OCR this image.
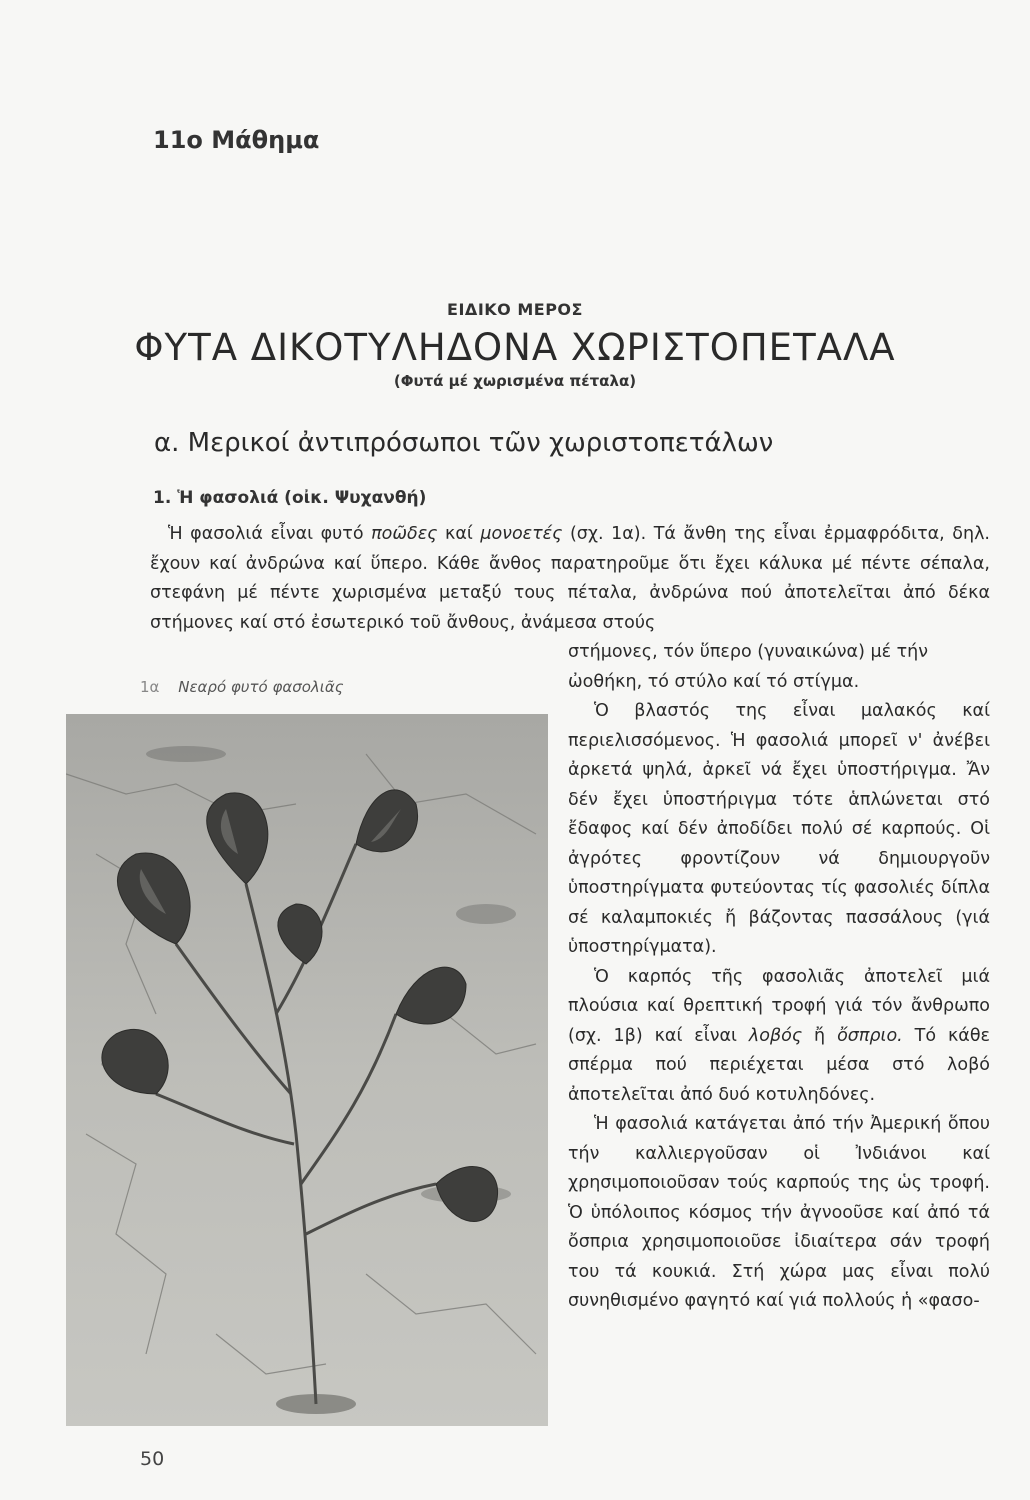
11ο Μάθημα
ΕΙΔΙΚΟ ΜΕΡΟΣ
ΦΥΤΑ ΔΙΚΟΤΥΛΗΔΟΝΑ ΧΩΡΙΣΤΟΠΕΤΑΛΑ
(Φυτά μέ χωρισμένα πέταλα)
α. Μερικοί ἀντιπρόσωποι τῶν χωριστοπετάλων
1. Ἡ φασολιά (οἰκ. Ψυχανθή)

Ἡ φασολιά εἶναι φυτό ποῶδες καί μονοετές (σχ. 1α). Τά ἄνθη της εἶναι ἐρμαφρόδιτα, δηλ. ἔχουν καί ἀνδρώνα καί ὕπερο. Κάθε ἄνθος παρατηροῦμε ὅτι ἔχει κάλυκα μέ πέντε σέπαλα, στεφάνη μέ πέντε χωρισμένα μεταξύ τους πέταλα, ἀνδρώνα πού ἀποτελεῖται ἀπό δέκα στήμονες καί στό ἐσωτερικό τοῦ ἄνθους, ἀνάμεσα στούς

στήμονες, τόν ὕπερο (γυναικώνα) μέ τήν
ὠοθήκη, τό στύλο καί τό στίγμα.
1α Νεαρό φυτό φασολιᾶς

Ὁ βλαστός της εἶναι μαλακός καί περιελισσόμενος. Ἡ φασολιά μπορεῖ ν' ἀνέβει ἀρκετά ψηλά, ἀρκεῖ νά ἔχει ὑποστήριγμα. Ἄν δέν ἔχει ὑποστήριγμα τότε ἁπλώνεται στό ἔδαφος καί δέν ἀποδίδει πολύ σέ καρπούς. Οἱ ἀγρότες φροντίζουν νά δημιουργοῦν ὑποστηρίγματα φυτεύοντας τίς φασολιές δίπλα σέ καλαμποκιές ἤ βάζοντας πασσάλους (γιά ὑποστηρίγματα).

Ὁ καρπός τῆς φασολιᾶς ἀποτελεῖ μιά πλούσια καί θρεπτική τροφή γιά τόν ἄνθρωπο (σχ. 1β) καί εἶναι λοβός ἤ ὄσπριο. Τό κάθε σπέρμα πού περιέχεται μέσα στό λοβό ἀποτελεῖται ἀπό δυό κοτυληδόνες.

Ἡ φασολιά κατάγεται ἀπό τήν Ἀμερική ὅπου τήν καλλιεργοῦσαν οἱ Ἰνδιάνοι καί χρησιμοποιοῦσαν τούς καρπούς της ὡς τροφή. Ὁ ὑπόλοιπος κόσμος τήν ἀγνοοῦσε καί ἀπό τά ὄσπρια χρησιμοποιοῦσε ἰδιαίτερα σάν τροφή του τά κουκιά. Στή χώρα μας εἶναι πολύ συνηθισμένο φαγητό καί γιά πολλούς ἡ «φασο-

50
